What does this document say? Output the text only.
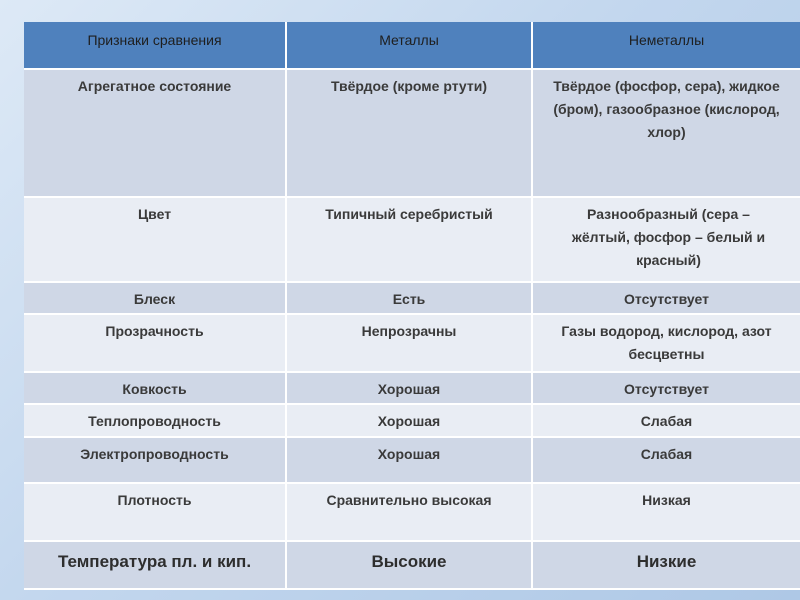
Признаки сравнения	Металлы	Неметаллы
Агрегатное состояние	Твёрдое (кроме ртути)	Твёрдое (фосфор, сера), жидкое (бром), газообразное (кислород, хлор)
Цвет	Типичный серебристый	Разнообразный (сера – жёлтый, фосфор – белый и красный)
Блеск	Есть	Отсутствует
Прозрачность	Непрозрачны	Газы водород, кислород, азот бесцветны
Ковкость	Хорошая	Отсутствует
Теплопроводность	Хорошая	Слабая
Электропроводность	Хорошая	Слабая
Плотность	Сравнительно высокая	Низкая
Температура пл. и кип.	Высокие	Низкие
